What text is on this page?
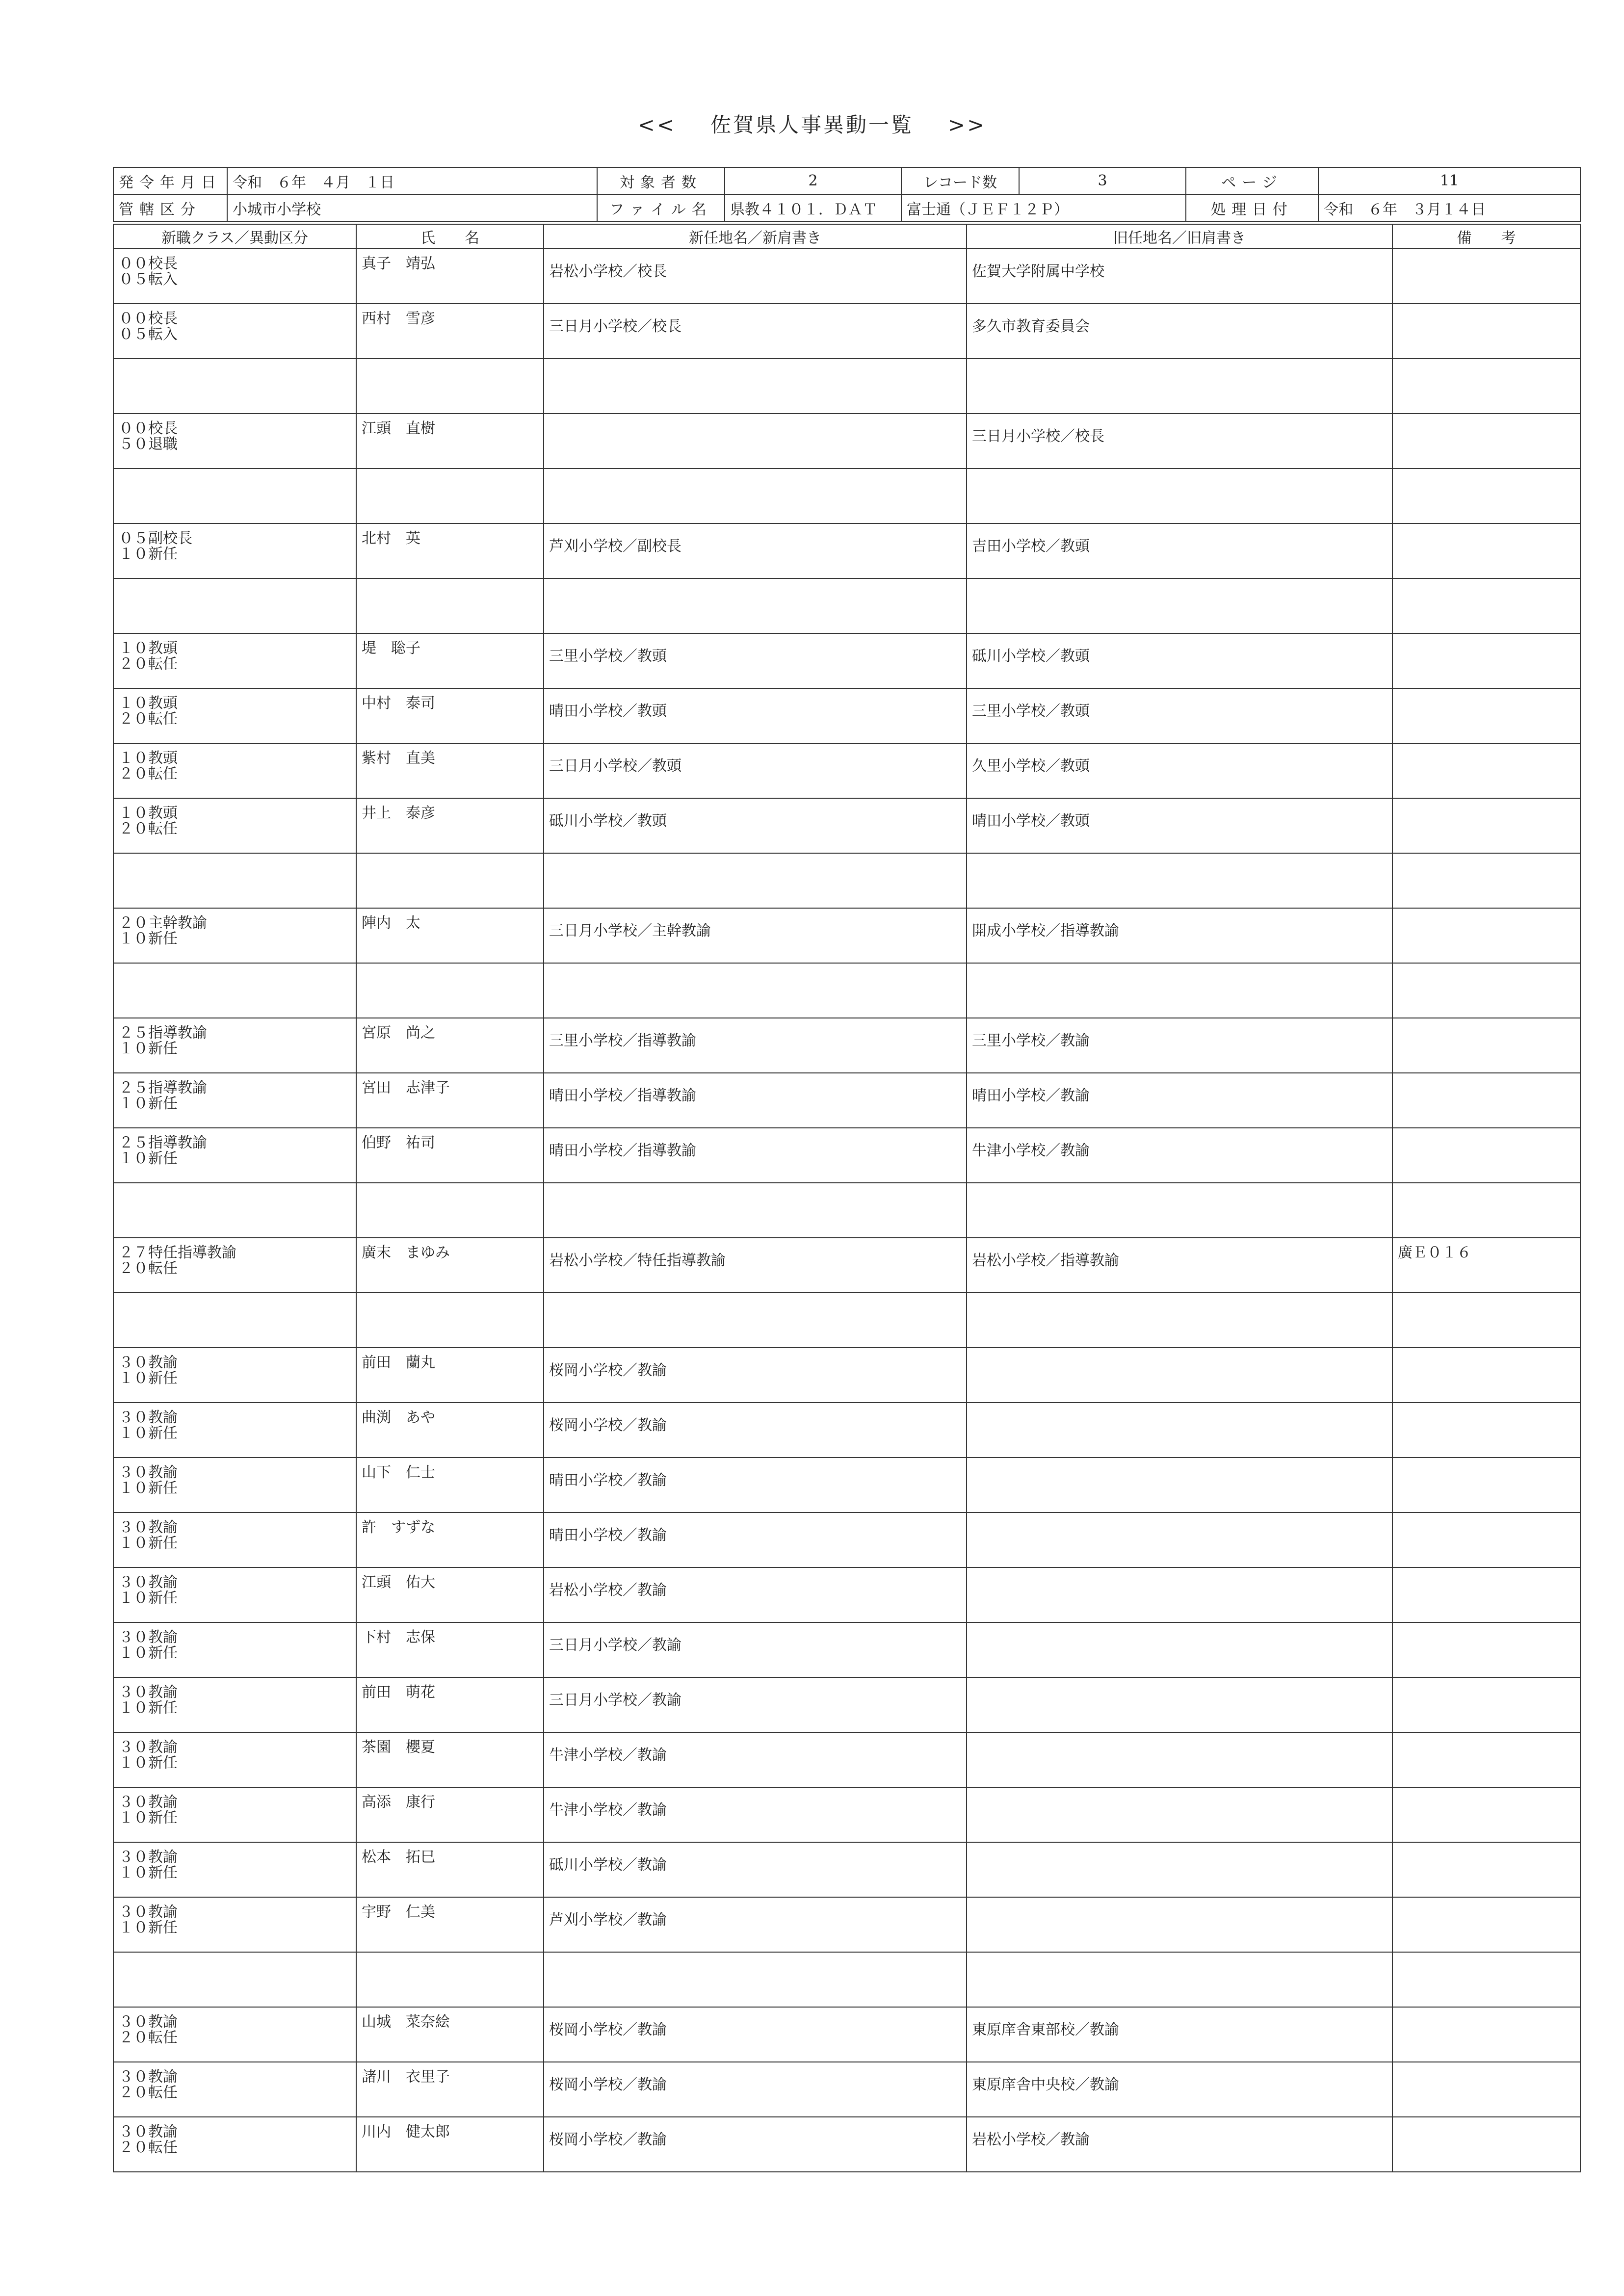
<< 佐賀県人事異動一覧 >>
発令年月日	令和　６年　４月　１日	対象者数	2	レコード数	3	ページ	11
管轄区分	小城市小学校	ファイル名	県教４１０１．ＤＡＴ	富士通（ＪＥＦ１２Ｐ）		処理日付	令和　６年　３月１４日
新職クラス／異動区分	氏　　名	新任地名／新肩書き	旧任地名／旧肩書き	備　　考

００校長
０５転入	真子　靖弘	岩松小学校／校長	佐賀大学附属中学校	

００校長
０５転入	西村　雪彦	三日月小学校／校長	多久市教育委員会	

００校長
５０退職	江頭　直樹		三日月小学校／校長	

０５副校長
１０新任	北村　英	芦刈小学校／副校長	吉田小学校／教頭	

１０教頭
２０転任	堤　聡子	三里小学校／教頭	砥川小学校／教頭	

１０教頭
２０転任	中村　泰司	晴田小学校／教頭	三里小学校／教頭	

１０教頭
２０転任	紫村　直美	三日月小学校／教頭	久里小学校／教頭	

１０教頭
２０転任	井上　泰彦	砥川小学校／教頭	晴田小学校／教頭	

２０主幹教諭
１０新任	陣内　太	三日月小学校／主幹教諭	開成小学校／指導教諭	

２５指導教諭
１０新任	宮原　尚之	三里小学校／指導教諭	三里小学校／教諭	

２５指導教諭
１０新任	宮田　志津子	晴田小学校／指導教諭	晴田小学校／教諭	

２５指導教諭
１０新任	伯野　祐司	晴田小学校／指導教諭	牛津小学校／教諭	

２７特任指導教諭
２０転任	廣末　まゆみ	岩松小学校／特任指導教諭	岩松小学校／指導教諭	廣Ｅ０１６

３０教諭
１０新任	前田　蘭丸	桜岡小学校／教諭		

３０教諭
１０新任	曲渕　あや	桜岡小学校／教諭		

３０教諭
１０新任	山下　仁士	晴田小学校／教諭		

３０教諭
１０新任	許　すずな	晴田小学校／教諭		

３０教諭
１０新任	江頭　佑大	岩松小学校／教諭		

３０教諭
１０新任	下村　志保	三日月小学校／教諭		

３０教諭
１０新任	前田　萌花	三日月小学校／教諭		

３０教諭
１０新任	茶園　櫻夏	牛津小学校／教諭		

３０教諭
１０新任	高添　康行	牛津小学校／教諭		

３０教諭
１０新任	松本　拓巳	砥川小学校／教諭		

３０教諭
１０新任	宇野　仁美	芦刈小学校／教諭		

３０教諭
２０転任	山城　菜奈絵	桜岡小学校／教諭	東原庠舎東部校／教諭	

３０教諭
２０転任	諸川　衣里子	桜岡小学校／教諭	東原庠舎中央校／教諭	

３０教諭
２０転任	川内　健太郎	桜岡小学校／教諭	岩松小学校／教諭	
